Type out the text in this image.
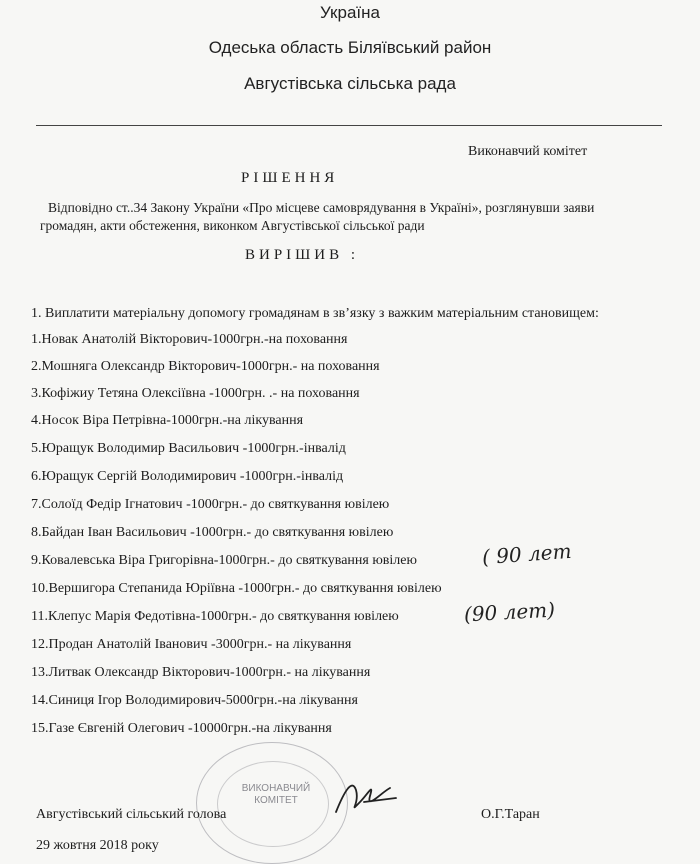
Україна
Одеська область Біляївський район
Августівська сільська рада
Виконавчий комітет
РІШЕННЯ
Відповідно ст..34 Закону України «Про місцеве самоврядування в Україні», розглянувши заяви
громадян, акти обстеження, виконком Августівської сільської ради
ВИРІШИВ :
1. Виплатити матеріальну допомогу громадянам в зв’язку з важким матеріальним становищем:
1.Новак Анатолій Вікторович-1000грн.-на поховання
2.Мошняга Олександр Вікторович-1000грн.- на поховання
3.Кофіжиу Тетяна Олексіївна -1000грн. .- на поховання
4.Носок Віра Петрівна-1000грн.-на лікування
5.Юращук Володимир Васильович -1000грн.-інвалід
6.Юращук Сергій Володимирович -1000грн.-інвалід
7.Солоїд Федір Ігнатович -1000грн.- до святкування ювілею
8.Байдан Іван Васильович -1000грн.- до святкування ювілею
9.Ковалевська Віра Григорівна-1000грн.- до святкування ювілею
10.Вершигора Степанида Юріївна -1000грн.- до святкування ювілею
11.Клепус Марія Федотівна-1000грн.- до святкування ювілею
12.Продан Анатолій Іванович -3000грн.- на лікування
13.Литвак Олександр Вікторович-1000грн.- на лікування
14.Синиця Ігор Володимирович-5000грн.-на лікування
15.Газе Євгеній Олегович -10000грн.-на лікування
( 90 лет
(90 лет)
ВИКОНАВЧИЙ КОМІТЕТ
Августівський сільський голова	О.Г.Таран
29 жовтня 2018 року
